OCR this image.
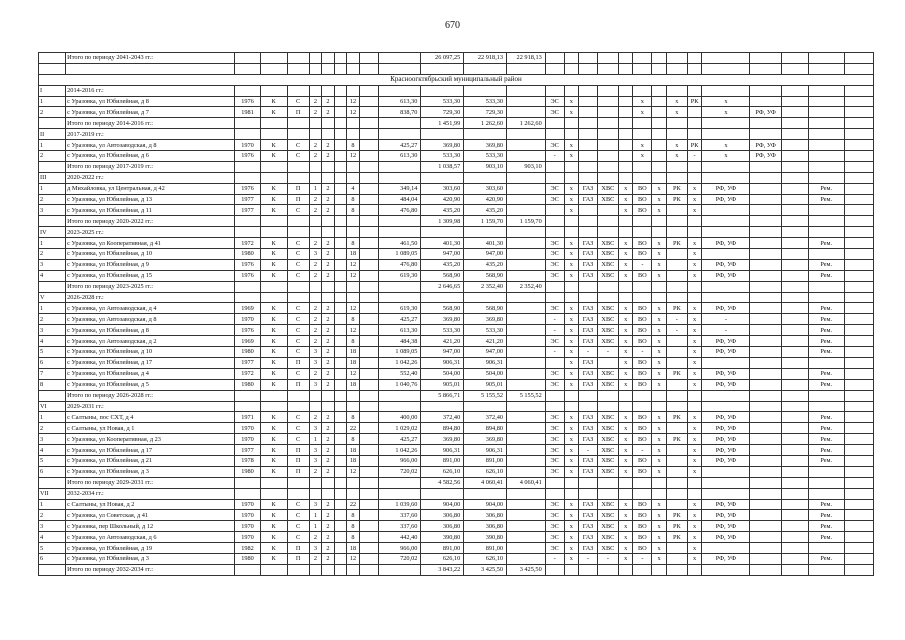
670
	Итого по периоду 2041-2043 гг.:										26 097,25	22 918,13	22 918,13														

Красноогктябрьский муниципальный район																											
I	2014-2016 гг.:																										
1	с Уразовка, ул Юбилейная, д 8	1976	К	С	2	2		12		613,30	533,30	533,30		ЭС	х				х		х	РК	х				
2	с Уразовка, ул Юбилейная, д 7	1981	К	П	2	2		12		838,70	729,30	729,30		ЭС	х				х		х		х	РФ, УФ			
	Итого по периоду 2014-2016 гг.:										1 451,99	1 262,60	1 262,60														
II	2017-2019 гг.:																										
1	с Уразовка, ул Автозаводская, д 8	1970	К	С	2	2		8		425,27	369,80	369,80		ЭС	х				х		х	РК	х	РФ, УФ			
2	с Уразовка, ул Юбилейная, д 6	1976	К	С	2	2		12		613,30	533,30	533,30		-	х				х		х	-	х	РФ, УФ			
	Итого по периоду 2017-2019 гг.:										1 038,57	903,10	903,10														
III	2020-2022 гг.:																										
1	д Михайловка, ул Центральная, д 42	1976	К	П	1	2		4		349,14	303,60	303,60		ЭС	х	ГАЗ	ХВС	х	ВО	х	РК	х	РФ, УФ			Рем.	
2	с Уразовка, ул Юбилейная, д 13	1977	К	П	2	2		8		484,04	420,90	420,90		ЭС	х	ГАЗ	ХВС	х	ВО	х	РК	х	РФ, УФ			Рем.	
3	с Уразовка, ул Юбилейная, д 11	1977	К	С	2	2		8		476,80	435,20	435,20			х			х	ВО	х		х					
	Итого по периоду 2020-2022 гг.:										1 309,98	1 159,70	1 159,70														
IV	2023-2025 гг.:																										
1	с Уразовка, ул Кооперативная, д 41	1972	К	С	2	2		8		461,50	401,30	401,30		ЭС	х	ГАЗ	ХВС	х	ВО	х	РК	х	РФ, УФ			Рем.	
2	с Уразовка, ул Юбилейная, д 10	1980	К	С	3	2		18		1 089,05	947,00	947,00		ЭС	х	ГАЗ	ХВС	х	ВО	х		х					
3	с Уразовка, ул Юбилейная, д 9	1976	К	С	2	2		12		476,80	435,20	435,20		ЭС	х	ГАЗ	ХВС	х	-	х		х	РФ, УФ			Рем.	
4	с Уразовка, ул Юбилейная, д 15	1976	К	С	2	2		12		619,30	568,90	568,90		ЭС	х	ГАЗ	ХВС	х	ВО	х		х	РФ, УФ			Рем.	
	Итого по периоду 2023-2025 гг.:										2 646,65	2 352,40	2 352,40														
V	2026-2028 гг.:																										
1	с Уразовка, ул Автозаводская, д 4	1969	К	С	2	2		12		619,30	568,90	568,90		ЭС	х	ГАЗ	ХВС	х	ВО	х	РК	х	РФ, УФ			Рем.	
2	с Уразовка, ул Автозаводская, д 8	1970	К	С	2	2		8		425,27	369,80	369,80		-	х	ГАЗ	ХВС	х	ВО	х	-	х	-			Рем.	
3	с Уразовка, ул Юбилейная, д 8	1976	К	С	2	2		12		613,30	533,30	533,30		-	х	ГАЗ	ХВС	х	ВО	х	-	х	-			Рем.	
4	с Уразовка, ул Автозаводская, д 2	1969	К	С	2	2		8		484,38	421,20	421,20		ЭС	х	ГАЗ	ХВС	х	ВО	х		х	РФ, УФ			Рем.	
5	с Уразовка, ул Юбилейная, д 10	1980	К	С	3	2		18		1 089,05	947,00	947,00		-	х	-	-	х	-	х		х	РФ, УФ			Рем.	
6	с Уразовка, ул Юбилейная, д 17	1977	К	П	3	2		18		1 042,26	906,31	906,31			х	ГАЗ		х	ВО	х		х					
7	с Уразовка, ул Юбилейная, д 4	1972	К	С	2	2		12		552,40	504,00	504,00		ЭС	х	ГАЗ	ХВС	х	ВО	х	РК	х	РФ, УФ			Рем.	
8	с Уразовка, ул Юбилейная, д 5	1980	К	П	3	2		18		1 040,76	905,01	905,01		ЭС	х	ГАЗ	ХВС	х	ВО	х		х	РФ, УФ			Рем.	
	Итого по периоду 2026-2028 гг.:										5 866,71	5 155,52	5 155,52														
VI	2029-2031 гг.:																										
1	с Салтыны, пос СХТ, д 4	1971	К	С	2	2		8		400,00	372,40	372,40		ЭС	х	ГАЗ	ХВС	х	ВО	х	РК	х	РФ, УФ			Рем.	
2	с Салтыны, ул Новая, д 1	1970	К	С	3	2		22		1 029,02	894,80	894,80		ЭС	х	ГАЗ	ХВС	х	ВО	х		х	РФ, УФ			Рем.	
3	с Уразовка, ул Кооперативная, д 23	1970	К	С	1	2		8		425,27	369,80	369,80		ЭС	х	ГАЗ	ХВС	х	ВО	х	РК	х	РФ, УФ			Рем.	
4	с Уразовка, ул Юбилейная, д 17	1977	К	П	3	2		18		1 042,26	906,31	906,31		ЭС	х	-	ХВС	х	-	х		х	РФ, УФ			Рем.	
5	с Уразовка, ул Юбилейная, д 21	1978	К	П	3	2		18		966,00	891,00	891,00		ЭС	х	ГАЗ	ХВС	х	ВО	х		х	РФ, УФ			Рем.	
6	с Уразовка, ул Юбилейная, д 3	1980	К	П	2	2		12		720,02	626,10	626,10		ЭС	х	ГАЗ	ХВС	х	ВО	х		х					
	Итого по периоду 2029-2031 гг.:										4 582,56	4 060,41	4 060,41														
VII	2032-2034 гг.:																										
1	с Салтыны, ул Новая, д 2	1970	К	С	3	2		22		1 039,60	904,00	904,00		ЭС	х	ГАЗ	ХВС	х	ВО	х		х	РФ, УФ			Рем.	
2	с Уразовка, ул Советская, д 41	1970	К	С	1	2		8		337,60	306,80	306,80		ЭС	х	ГАЗ	ХВС	х	ВО	х	РК	х	РФ, УФ			Рем.	
3	с Уразовка, пер Школьный, д 12	1970	К	С	1	2		8		337,60	306,80	306,80		ЭС	х	ГАЗ	ХВС	х	ВО	х	РК	х	РФ, УФ			Рем.	
4	с Уразовка, ул Автозаводская, д 6	1970	К	С	2	2		8		442,40	390,80	390,80		ЭС	х	ГАЗ	ХВС	х	ВО	х	РК	х	РФ, УФ			Рем.	
5	с Уразовка, ул Юбилейная, д 19	1982	К	П	3	2		18		966,00	891,00	891,00		ЭС	х	ГАЗ	ХВС	х	ВО	х		х					
6	с Уразовка, ул Юбилейная, д 3	1980	К	П	2	2		12		720,02	626,10	626,10		-	х	-	-	х	-	х		х	РФ, УФ			Рем.	
	Итого по периоду 2032-2034 гг.:										3 843,22	3 425,50	3 425,50														
